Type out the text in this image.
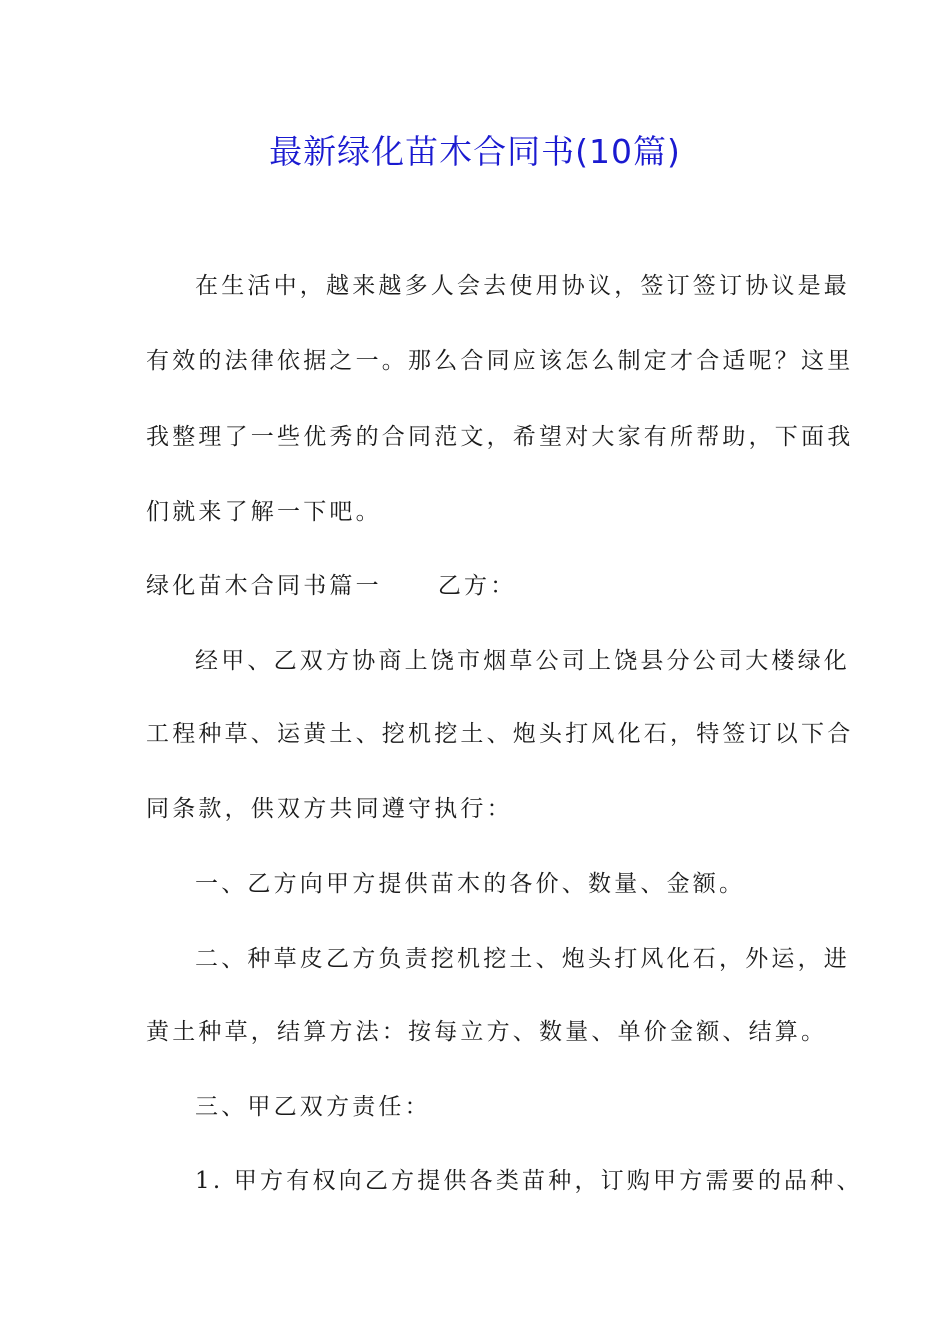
最新绿化苗木合同书(10篇)
在生活中，越来越多人会去使用协议，签订签订协议是最
有效的法律依据之一。那么合同应该怎么制定才合适呢？这里
我整理了一些优秀的合同范文，希望对大家有所帮助，下面我
们就来了解一下吧。
绿化苗木合同书篇一 乙方：
经甲、乙双方协商上饶市烟草公司上饶县分公司大楼绿化
工程种草、运黄土、挖机挖土、炮头打风化石，特签订以下合
同条款，供双方共同遵守执行：
一、乙方向甲方提供苗木的各价、数量、金额。
二、种草皮乙方负责挖机挖土、炮头打风化石，外运，进
黄土种草，结算方法：按每立方、数量、单价金额、结算。
三、甲乙双方责任：
1. 甲方有权向乙方提供各类苗种，订购甲方需要的品种、
